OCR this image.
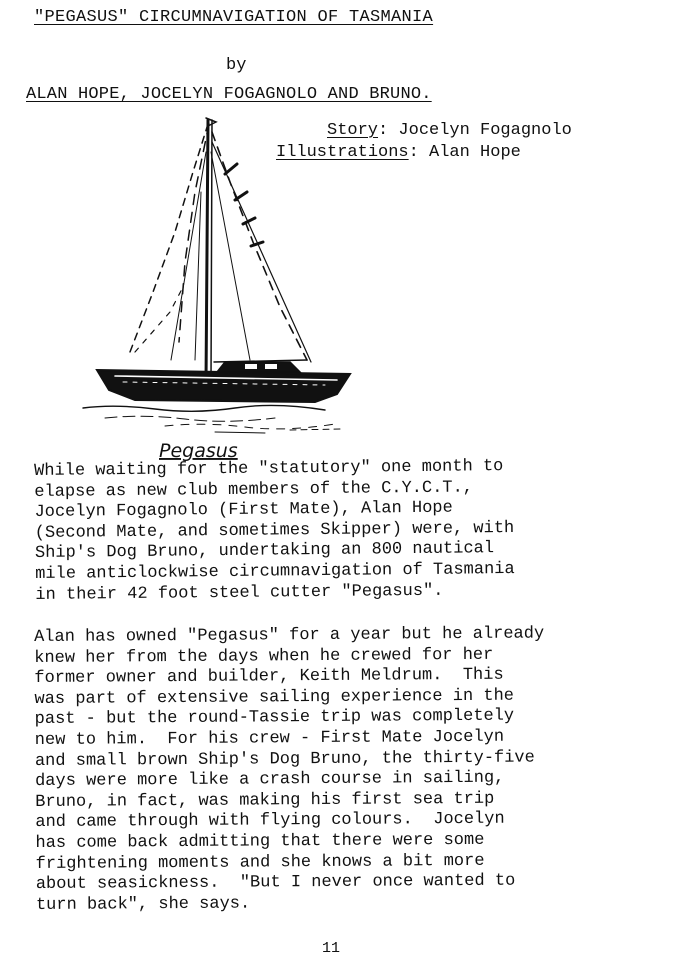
"PEGASUS" CIRCUMNAVIGATION OF TASMANIA
by
ALAN HOPE, JOCELYN FOGAGNOLO AND BRUNO.
Story: Jocelyn Fogagnolo
Illustrations: Alan Hope
Pegasus
While waiting for the "statutory" one month to
elapse as new club members of the C.Y.C.T.,
Jocelyn Fogagnolo (First Mate), Alan Hope
(Second Mate, and sometimes Skipper) were, with
Ship's Dog Bruno, undertaking an 800 nautical
mile anticlockwise circumnavigation of Tasmania
in their 42 foot steel cutter "Pegasus".
Alan has owned "Pegasus" for a year but he already
knew her from the days when he crewed for her
former owner and builder, Keith Meldrum.  This
was part of extensive sailing experience in the
past - but the round-Tassie trip was completely
new to him.  For his crew - First Mate Jocelyn
and small brown Ship's Dog Bruno, the thirty-five
days were more like a crash course in sailing,
Bruno, in fact, was making his first sea trip
and came through with flying colours.  Jocelyn
has come back admitting that there were some
frightening moments and she knows a bit more
about seasickness.  "But I never once wanted to
turn back", she says.
11
